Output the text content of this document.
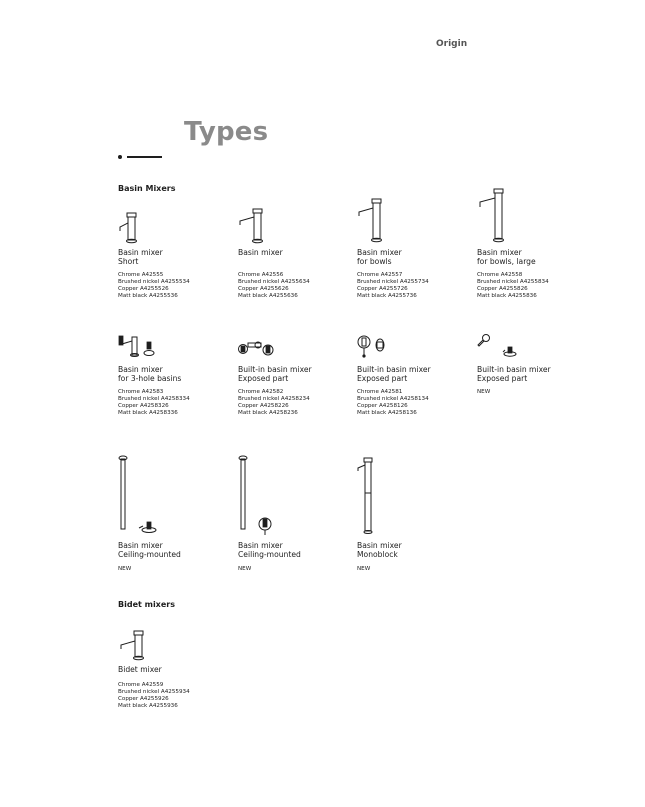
Origin
Types
Basin Mixers
Bidet mixers
Basin mixer
Short
Chrome A42555
Brushed nickel A4255534
Copper A4255526
Matt black A4255536
Basin mixer
Chrome A42556
Brushed nickel A4255634
Copper A4255626
Matt black A4255636
Basin mixer
for bowls
Chrome A42557
Brushed nickel A4255734
Copper A4255726
Matt black A4255736
Basin mixer
for bowls, large
Chrome A42558
Brushed nickel A4255834
Copper A4255826
Matt black A4255836
Basin mixer
for 3-hole basins
Chrome A42583
Brushed nickel A4258334
Copper A4258326
Matt black A4258336
Built-in basin mixer
Exposed part
Chrome A42582
Brushed nickel A4258234
Copper A4258226
Matt black A4258236
Built-in basin mixer
Exposed part
Chrome A42581
Brushed nickel A4258134
Copper A4258126
Matt black A4258136
Built-in basin mixer
Exposed part
NEW
Basin mixer
Ceiling-mounted
NEW
Basin mixer
Ceiling-mounted
NEW
Basin mixer
Monoblock
NEW
Bidet mixer
Chrome A42559
Brushed nickel A4255934
Copper A4255926
Matt black A4255936
